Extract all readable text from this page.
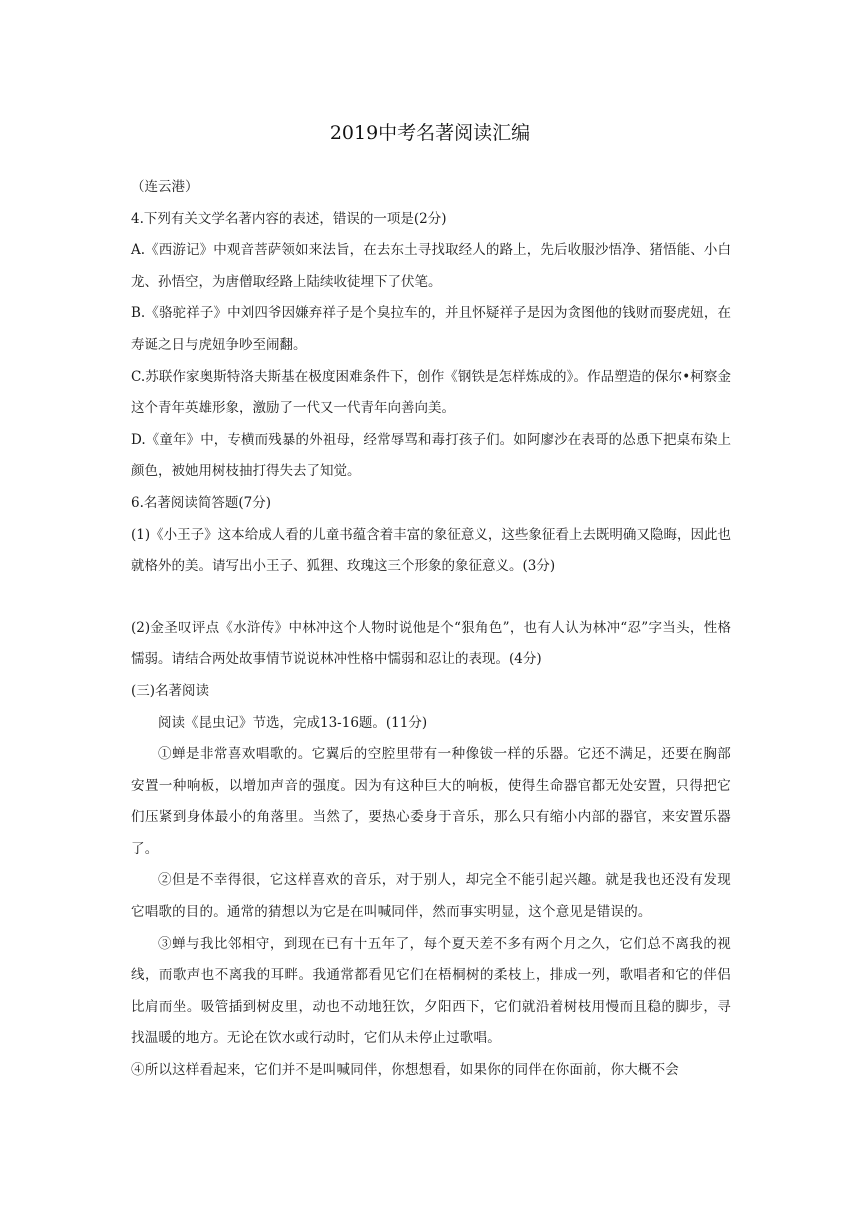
2019中考名著阅读汇编

（连云港）

4.下列有关文学名著内容的表述，错误的一项是(2分)

A.《西游记》中观音菩萨领如来法旨，在去东土寻找取经人的路上，先后收服沙悟净、猪悟能、小白龙、孙悟空，为唐僧取经路上陆续收徒埋下了伏笔。

B.《骆驼祥子》中刘四爷因嫌弃祥子是个臭拉车的，并且怀疑祥子是因为贪图他的钱财而娶虎妞，在寿诞之日与虎妞争吵至闹翻。

C.苏联作家奥斯特洛夫斯基在极度困难条件下，创作《钢铁是怎样炼成的》。作品塑造的保尔•柯察金这个青年英雄形象，激励了一代又一代青年向善向美。

D.《童年》中，专横而残暴的外祖母，经常辱骂和毒打孩子们。如阿廖沙在表哥的怂恿下把桌布染上颜色，被她用树枝抽打得失去了知觉。

6.名著阅读简答题(7分)

(1)《小王子》这本给成人看的儿童书蕴含着丰富的象征意义，这些象征看上去既明确又隐晦，因此也就格外的美。请写出小王子、狐狸、玫瑰这三个形象的象征意义。(3分)

(2)金圣叹评点《水浒传》中林冲这个人物时说他是个“狠角色”，也有人认为林冲“忍”字当头，性格懦弱。请结合两处故事情节说说林冲性格中懦弱和忍让的表现。(4分)

(三)名著阅读

阅读《昆虫记》节选，完成13-16题。(11分)

①蝉是非常喜欢唱歌的。它翼后的空腔里带有一种像钹一样的乐器。它还不满足，还要在胸部安置一种响板，以增加声音的强度。因为有这种巨大的响板，使得生命器官都无处安置，只得把它们压紧到身体最小的角落里。当然了，要热心委身于音乐，那么只有缩小内部的器官，来安置乐器了。

②但是不幸得很，它这样喜欢的音乐，对于别人，却完全不能引起兴趣。就是我也还没有发现它唱歌的目的。通常的猜想以为它是在叫喊同伴，然而事实明显，这个意见是错误的。

③蝉与我比邻相守，到现在已有十五年了，每个夏天差不多有两个月之久，它们总不离我的视线，而歌声也不离我的耳畔。我通常都看见它们在梧桐树的柔枝上，排成一列，歌唱者和它的伴侣比肩而坐。吸管插到树皮里，动也不动地狂饮，夕阳西下，它们就沿着树枝用慢而且稳的脚步，寻找温暖的地方。无论在饮水或行动时，它们从未停止过歌唱。

④所以这样看起来，它们并不是叫喊同伴，你想想看，如果你的同伴在你面前，你大概不会
